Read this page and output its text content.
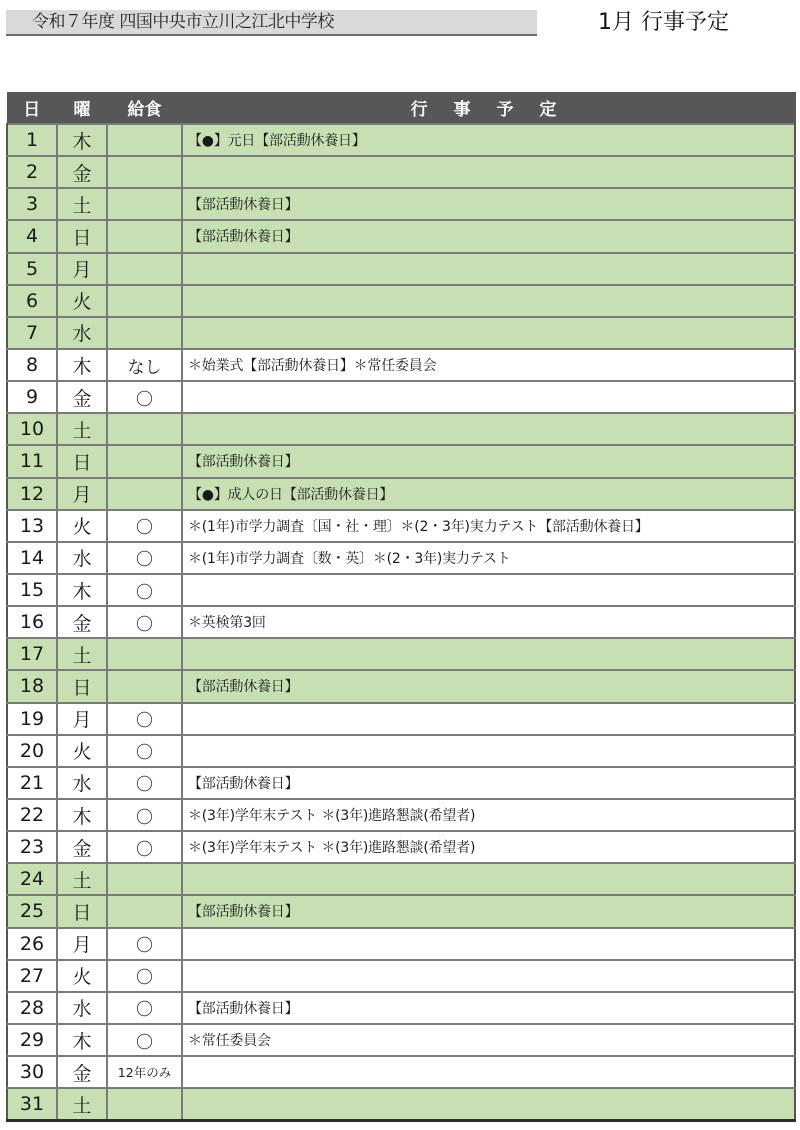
令和７年度 四国中央市立川之江北中学校	1月 行事予定
日	曜	給食	行 事 予 定
1	木		【●】元日【部活動休養日】
2	金		
3	土		【部活動休養日】
4	日		【部活動休養日】
5	月		
6	火		
7	水		
8	木	なし	＊始業式【部活動休養日】＊常任委員会
9	金	〇	
10	土		
11	日		【部活動休養日】
12	月		【●】成人の日【部活動休養日】
13	火	〇	＊(1年)市学力調査〔国・社・理〕＊(2・3年)実力テスト【部活動休養日】
14	水	〇	＊(1年)市学力調査〔数・英〕＊(2・3年)実力テスト
15	木	〇	
16	金	〇	＊英検第3回
17	土		
18	日		【部活動休養日】
19	月	〇	
20	火	〇	
21	水	〇	【部活動休養日】
22	木	〇	＊(3年)学年末テスト ＊(3年)進路懇談(希望者)
23	金	〇	＊(3年)学年末テスト ＊(3年)進路懇談(希望者)
24	土		
25	日		【部活動休養日】
26	月	〇	
27	火	〇	
28	水	〇	【部活動休養日】
29	木	〇	＊常任委員会
30	金	12年のみ	
31	土		
